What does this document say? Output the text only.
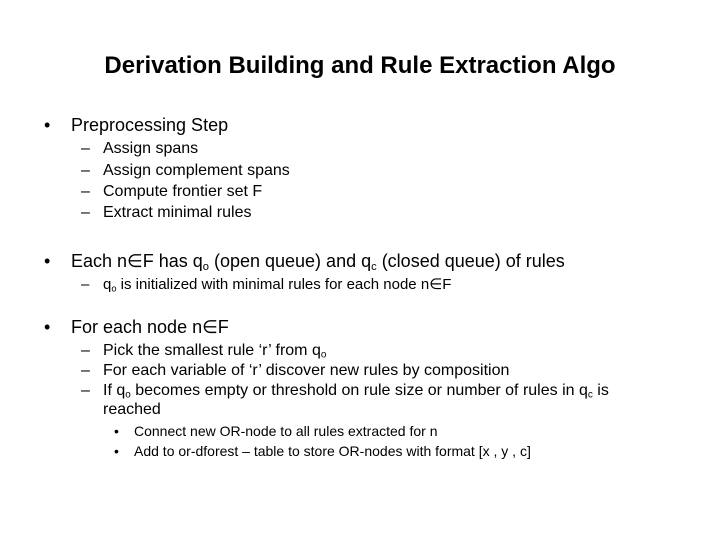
Derivation Building and Rule Extraction Algo
• Preprocessing Step
– Assign spans
– Assign complement spans
– Compute frontier set F
– Extract minimal rules
• Each n∈F has $q_o$ (open queue) and $q_c$ (closed queue) of rules
– $q_o$ is initialized with minimal rules for each node n∈F
• For each node n∈F
– Pick the smallest rule ‘r’ from $q_o$
– For each variable of ‘r’ discover new rules by composition
– If $q_o$ becomes empty or threshold on rule size or number of rules in $q_c$ is
reached
• Connect new OR-node to all rules extracted for n
• Add to or-dforest – table to store OR-nodes with format [x , y , c]
